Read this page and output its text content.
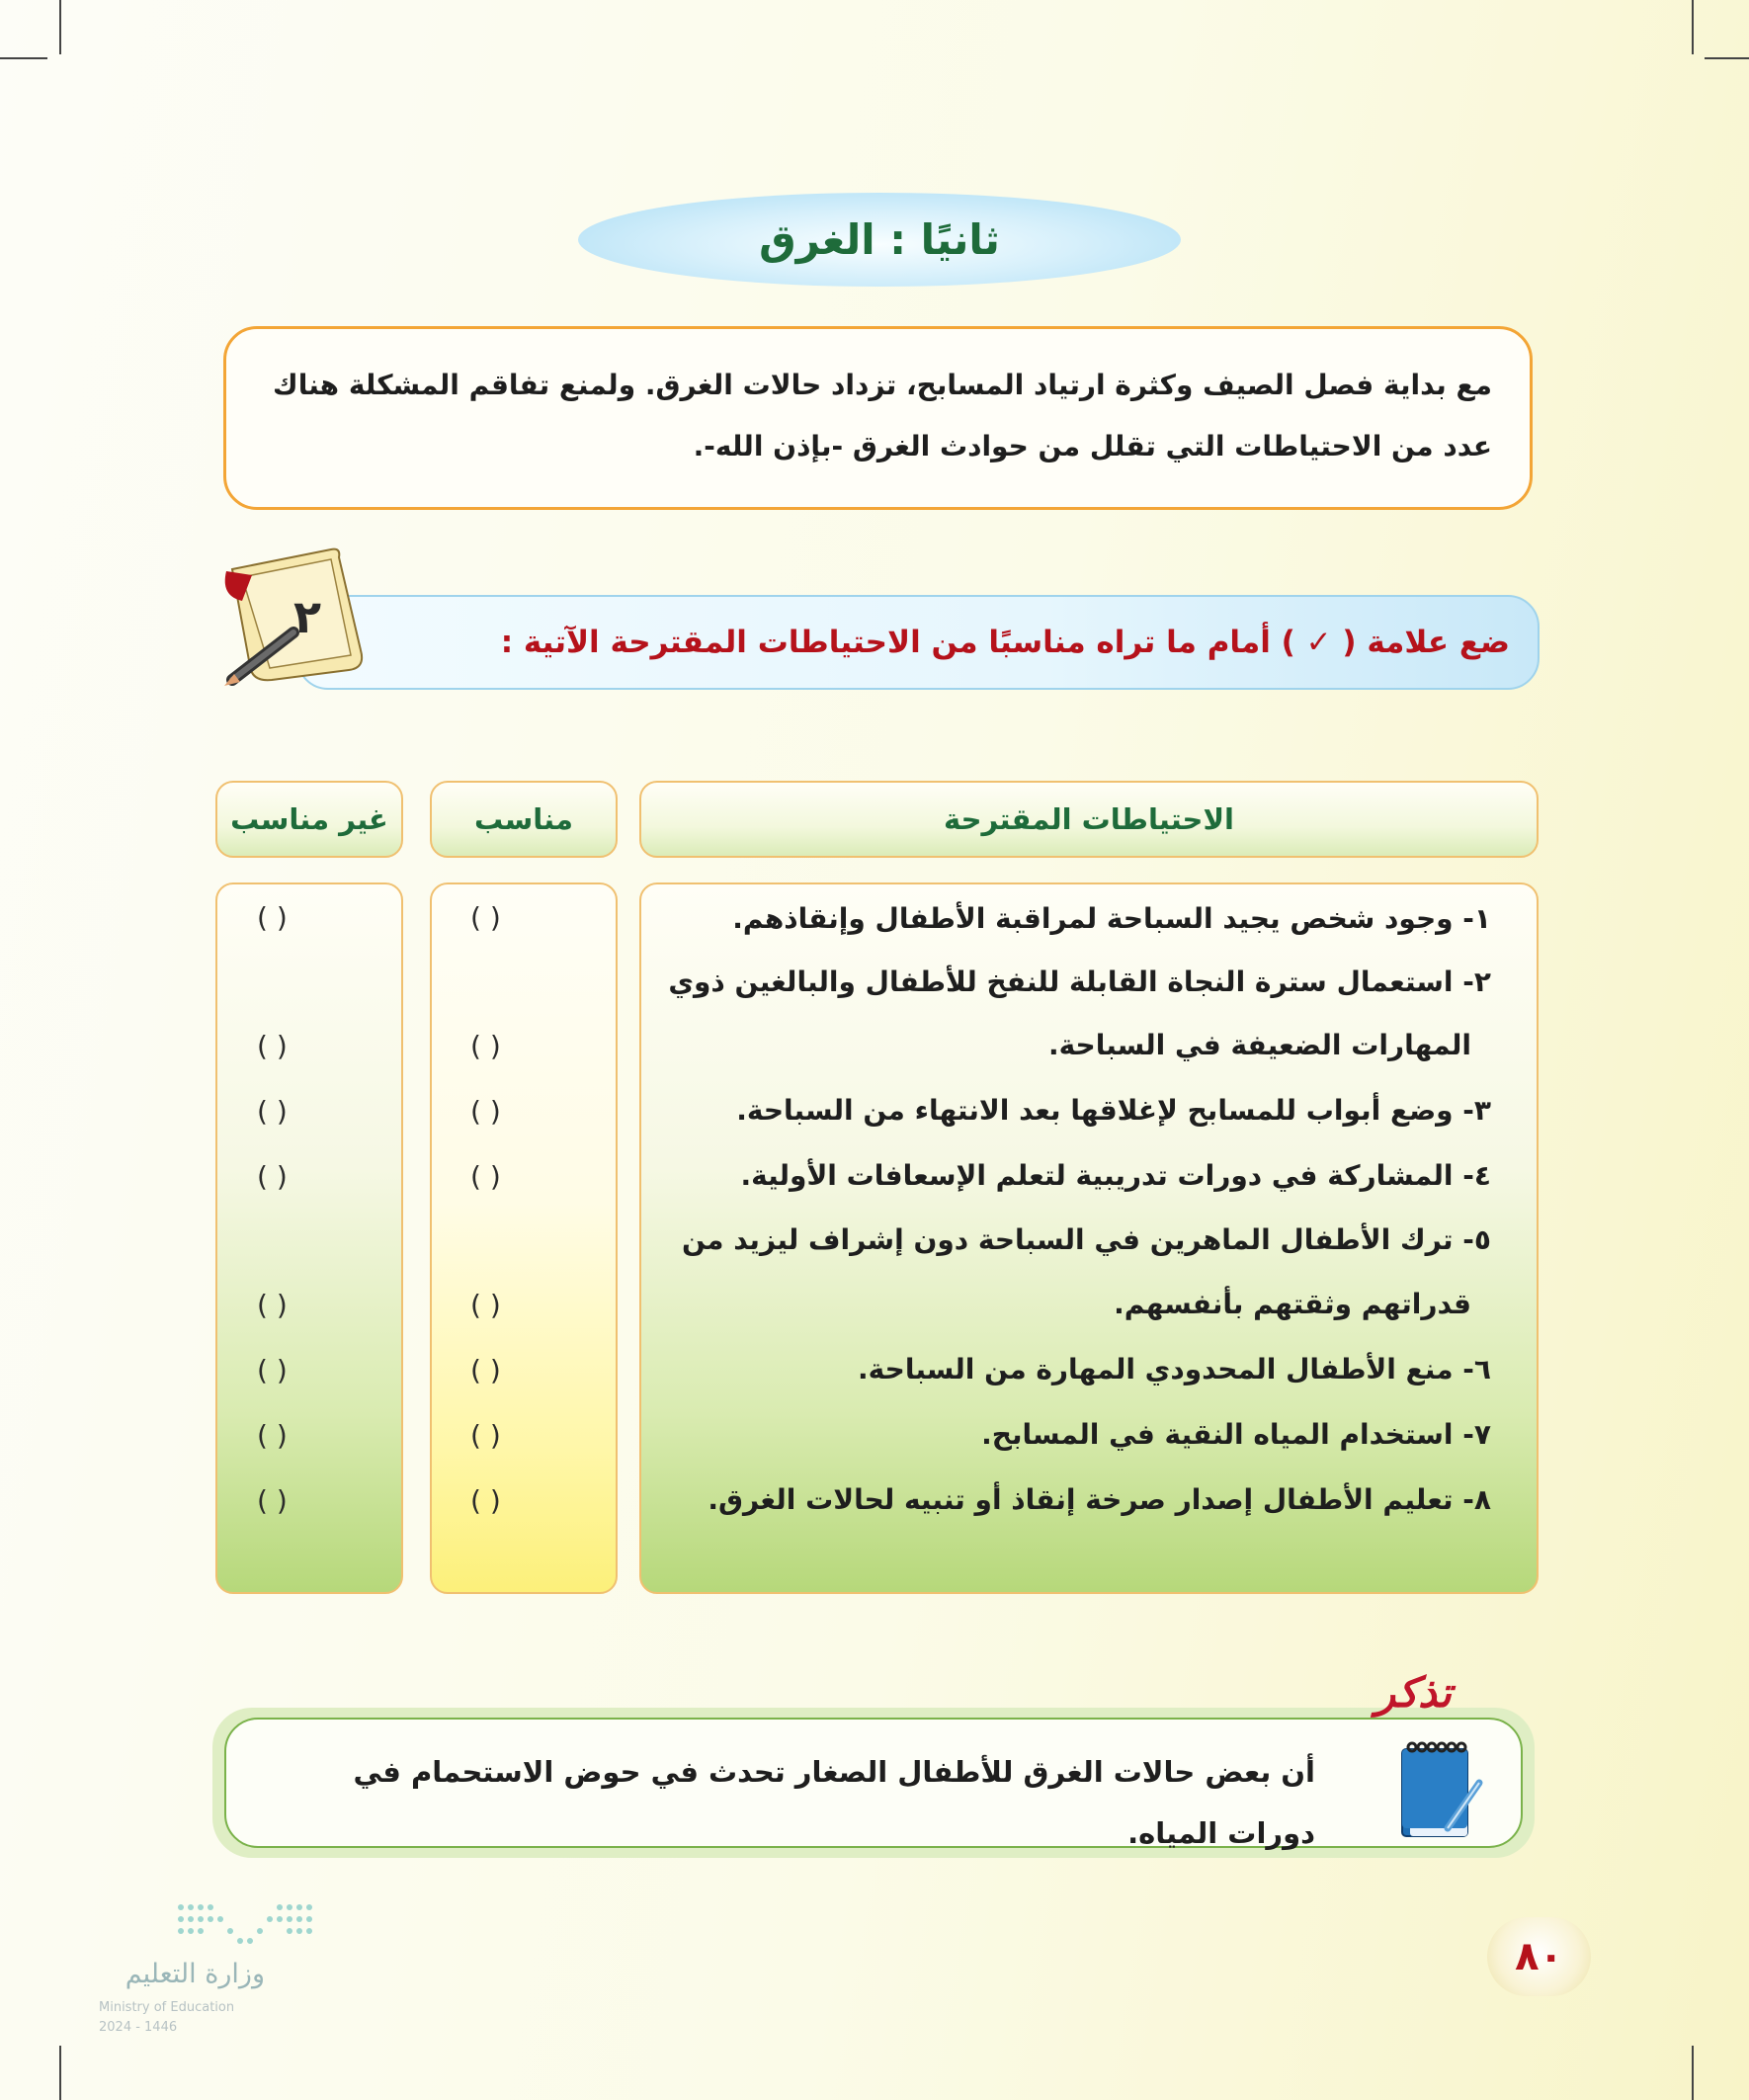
ثانيًا : الغرق

مع بداية فصل الصيف وكثرة ارتياد المسابح، تزداد حالات الغرق. ولمنع تفاقم المشكلة هناك

عدد من الاحتياطات التي تقلل من حوادث الغرق -بإذن الله-.

ضع علامة ( ✓ ) أمام ما تراه مناسبًا من الاحتياطات المقترحة الآتية :
٢
الاحتياطات المقترحة
مناسب
غير مناسب
١- وجود شخص يجيد السباحة لمراقبة الأطفال وإنقاذهم.
٢- استعمال سترة النجاة القابلة للنفخ للأطفال والبالغين ذوي
المهارات الضعيفة في السباحة.
٣- وضع أبواب للمسابح لإغلاقها بعد الانتهاء من السباحة.
٤- المشاركة في دورات تدريبية لتعلم الإسعافات الأولية.
٥- ترك الأطفال الماهرين في السباحة دون إشراف ليزيد من
قدراتهم وثقتهم بأنفسهم.
٦- منع الأطفال المحدودي المهارة من السباحة.
٧- استخدام المياه النقية في المسابح.
٨- تعليم الأطفال إصدار صرخة إنقاذ أو تنبيه لحالات الغرق.
( )
( )
( )
( )
( )
( )
( )
( )
( )
( )
( )
( )
( )
( )
( )
( )
أن بعض حالات الغرق للأطفال الصغار تحدث في حوض الاستحمام في
دورات المياه.
تذكر
٨٠
وزارة التعليم
Ministry of Education
2024 - 1446
